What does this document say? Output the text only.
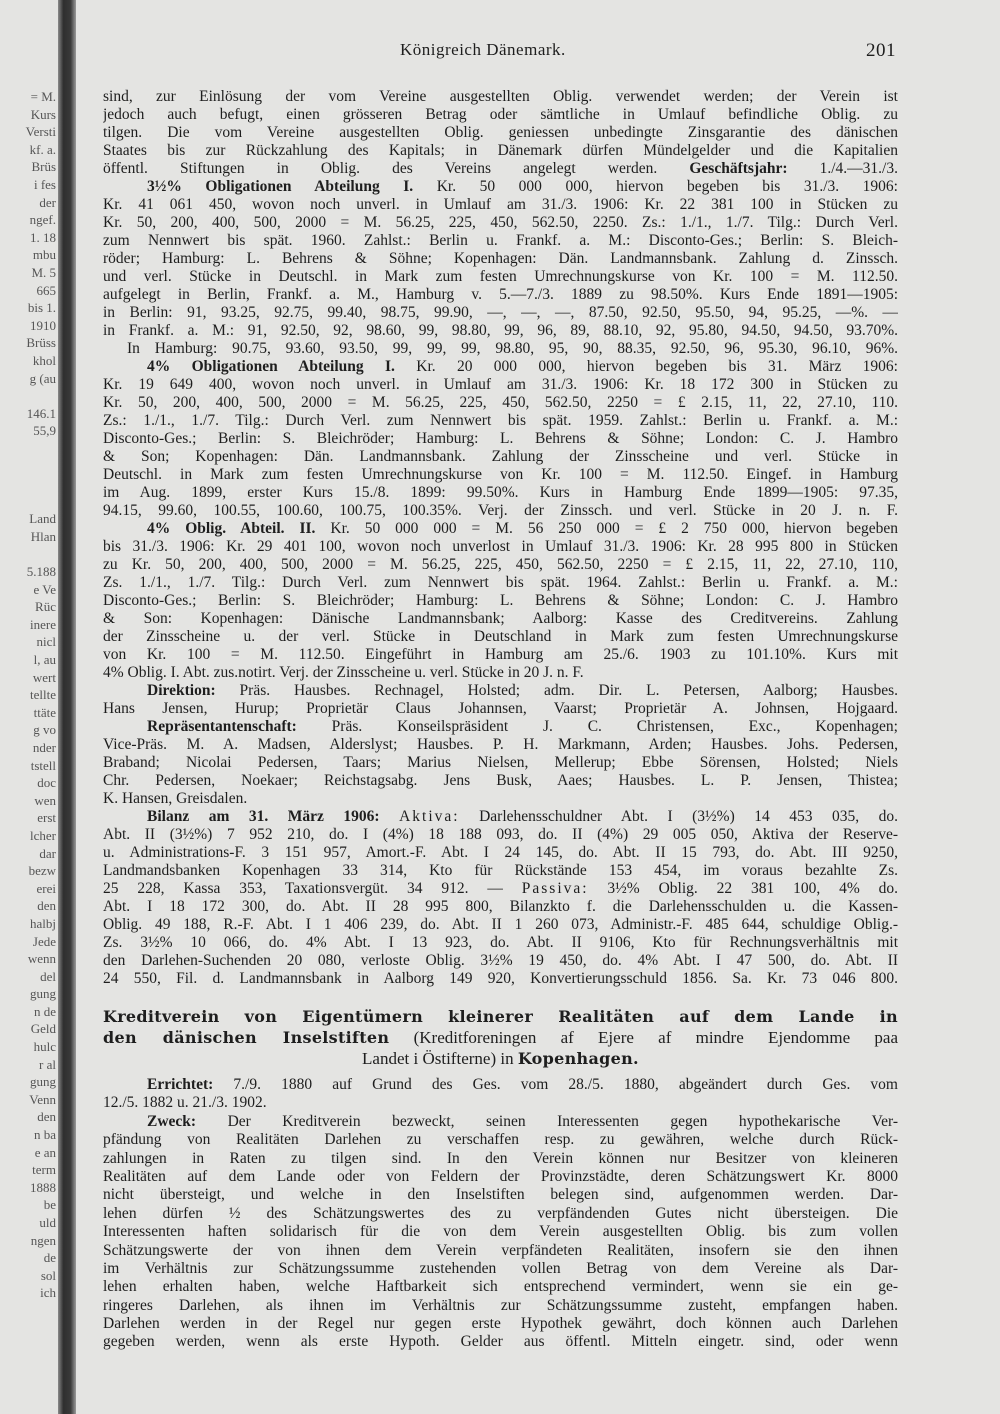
= M.
Kurs
Versti
kf. a.
Brüs
i fes
der
ngef.
1. 18
mbu
M. 5
665
bis 1.
1910
Brüss
khol
g (au
146.1
55,9
Land
Hlan
5.188
e Ve
Rüc
inere
nicl
l, au
wert
tellte
ttäte
g vo
nder
tstell
doc
wen
erst
lcher
dar
bezw
erei
den
halbj
Jede
wenn
del
gung
n de
Geld
hulc
r al
gung
Venn
den
n ba
e an
term
1888
be
uld
ngen
de
sol
ich
Königreich Dänemark.	201
sind, zur Einlösung der vom Vereine ausgestellten Oblig. verwendet werden; der Verein ist
jedoch auch befugt, einen grösseren Betrag oder sämtliche in Umlauf befindliche Oblig. zu
tilgen. Die vom Vereine ausgestellten Oblig. geniessen unbedingte Zinsgarantie des dänischen
Staates bis zur Rückzahlung des Kapitals; in Dänemark dürfen Mündelgelder und die Kapitalien
öffentl. Stiftungen in Oblig. des Vereins angelegt werden. Geschäftsjahr: 1./4.—31./3.
3½% Obligationen Abteilung I. Kr. 50 000 000, hiervon begeben bis 31./3. 1906:
Kr. 41 061 450, wovon noch unverl. in Umlauf am 31./3. 1906: Kr. 22 381 100 in Stücken zu
Kr. 50, 200, 400, 500, 2000 = M. 56.25, 225, 450, 562.50, 2250. Zs.: 1./1., 1./7. Tilg.: Durch Verl.
zum Nennwert bis spät. 1960. Zahlst.: Berlin u. Frankf. a. M.: Disconto-Ges.; Berlin: S. Bleich-
röder; Hamburg: L. Behrens & Söhne; Kopenhagen: Dän. Landmannsbank. Zahlung d. Zinssch.
und verl. Stücke in Deutschl. in Mark zum festen Umrechnungskurse von Kr. 100 = M. 112.50.
aufgelegt in Berlin, Frankf. a. M., Hamburg v. 5.—7./3. 1889 zu 98.50%. Kurs Ende 1891—1905:
in Berlin: 91, 93.25, 92.75, 99.40, 98.75, 99.90, —, —, —, 87.50, 92.50, 95.50, 94, 95.25, —%. —
in Frankf. a. M.: 91, 92.50, 92, 98.60, 99, 98.80, 99, 96, 89, 88.10, 92, 95.80, 94.50, 94.50, 93.70%.
In Hamburg: 90.75, 93.60, 93.50, 99, 99, 99, 98.80, 95, 90, 88.35, 92.50, 96, 95.30, 96.10, 96%.
4% Obligationen Abteilung I. Kr. 20 000 000, hiervon begeben bis 31. März 1906:
Kr. 19 649 400, wovon noch unverl. in Umlauf am 31./3. 1906: Kr. 18 172 300 in Stücken zu
Kr. 50, 200, 400, 500, 2000 = M. 56.25, 225, 450, 562.50, 2250 = £ 2.15, 11, 22, 27.10, 110.
Zs.: 1./1., 1./7. Tilg.: Durch Verl. zum Nennwert bis spät. 1959. Zahlst.: Berlin u. Frankf. a. M.:
Disconto-Ges.; Berlin: S. Bleichröder; Hamburg: L. Behrens & Söhne; London: C. J. Hambro
& Son; Kopenhagen: Dän. Landmannsbank. Zahlung der Zinsscheine und verl. Stücke in
Deutschl. in Mark zum festen Umrechnungskurse von Kr. 100 = M. 112.50. Eingef. in Hamburg
im Aug. 1899, erster Kurs 15./8. 1899: 99.50%. Kurs in Hamburg Ende 1899—1905: 97.35,
94.15, 99.60, 100.55, 100.60, 100.75, 100.35%. Verj. der Zinssch. und verl. Stücke in 20 J. n. F.
4% Oblig. Abteil. II. Kr. 50 000 000 = M. 56 250 000 = £ 2 750 000, hiervon begeben
bis 31./3. 1906: Kr. 29 401 100, wovon noch unverlost in Umlauf 31./3. 1906: Kr. 28 995 800 in Stücken
zu Kr. 50, 200, 400, 500, 2000 = M. 56.25, 225, 450, 562.50, 2250 = £ 2.15, 11, 22, 27.10, 110,
Zs. 1./1., 1./7. Tilg.: Durch Verl. zum Nennwert bis spät. 1964. Zahlst.: Berlin u. Frankf. a. M.:
Disconto-Ges.; Berlin: S. Bleichröder; Hamburg: L. Behrens & Söhne; London: C. J. Hambro
& Son: Kopenhagen: Dänische Landmannsbank; Aalborg: Kasse des Creditvereins. Zahlung
der Zinsscheine u. der verl. Stücke in Deutschland in Mark zum festen Umrechnungskurse
von Kr. 100 = M. 112.50. Eingeführt in Hamburg am 25./6. 1903 zu 101.10%. Kurs mit
4% Oblig. I. Abt. zus.notirt. Verj. der Zinsscheine u. verl. Stücke in 20 J. n. F.
Direktion: Präs. Hausbes. Rechnagel, Holsted; adm. Dir. L. Petersen, Aalborg; Hausbes.
Hans Jensen, Hurup; Proprietär Claus Johannsen, Vaarst; Proprietär A. Johnsen, Hojgaard.
Repräsentantenschaft: Präs. Konseilspräsident J. C. Christensen, Exc., Kopenhagen;
Vice-Präs. M. A. Madsen, Alderslyst; Hausbes. P. H. Markmann, Arden; Hausbes. Johs. Pedersen,
Braband; Nicolai Pedersen, Taars; Marius Nielsen, Mellerup; Ebbe Sörensen, Holsted; Niels
Chr. Pedersen, Noekaer; Reichstagsabg. Jens Busk, Aaes; Hausbes. L. P. Jensen, Thistea;
K. Hansen, Greisdalen.
Bilanz am 31. März 1906: Aktiva: Darlehensschuldner Abt. I (3½%) 14 453 035, do.
Abt. II (3½%) 7 952 210, do. I (4%) 18 188 093, do. II (4%) 29 005 050, Aktiva der Reserve-
u. Administrations-F. 3 151 957, Amort.-F. Abt. I 24 145, do. Abt. II 15 793, do. Abt. III 9250,
Landmandsbanken Kopenhagen 33 314, Kto für Rückstände 153 454, im voraus bezahlte Zs.
25 228, Kassa 353, Taxationsvergüt. 34 912. — Passiva: 3½% Oblig. 22 381 100, 4% do.
Abt. I 18 172 300, do. Abt. II 28 995 800, Bilanzkto f. die Darlehensschulden u. die Kassen-
Oblig. 49 188, R.-F. Abt. I 1 406 239, do. Abt. II 1 260 073, Administr.-F. 485 644, schuldige Oblig.-
Zs. 3½% 10 066, do. 4% Abt. I 13 923, do. Abt. II 9106, Kto für Rechnungsverhältnis mit
den Darlehen-Suchenden 20 080, verloste Oblig. 3½% 19 450, do. 4% Abt. I 47 500, do. Abt. II
24 550, Fil. d. Landmannsbank in Aalborg 149 920, Konvertierungsschuld 1856. Sa. Kr. 73 046 800.
Kreditverein von Eigentümern kleinerer Realitäten auf dem Lande in
den dänischen Inselstiften (Kreditforeningen af Ejere af mindre Ejendomme paa
Landet i Östifterne) in Kopenhagen.
Errichtet: 7./9. 1880 auf Grund des Ges. vom 28./5. 1880, abgeändert durch Ges. vom
12./5. 1882 u. 21./3. 1902.
Zweck: Der Kreditverein bezweckt, seinen Interessenten gegen hypothekarische Ver-
pfändung von Realitäten Darlehen zu verschaffen resp. zu gewähren, welche durch Rück-
zahlungen in Raten zu tilgen sind. In den Verein können nur Besitzer von kleineren
Realitäten auf dem Lande oder von Feldern der Provinzstädte, deren Schätzungswert Kr. 8000
nicht übersteigt, und welche in den Inselstiften belegen sind, aufgenommen werden. Dar-
lehen dürfen ½ des Schätzungswertes des zu verpfändenden Gutes nicht übersteigen. Die
Interessenten haften solidarisch für die von dem Verein ausgestellten Oblig. bis zum vollen
Schätzungswerte der von ihnen dem Verein verpfändeten Realitäten, insofern sie den ihnen
im Verhältnis zur Schätzungssumme zustehenden vollen Betrag von dem Vereine als Dar-
lehen erhalten haben, welche Haftbarkeit sich entsprechend vermindert, wenn sie ein ge-
ringeres Darlehen, als ihnen im Verhältnis zur Schätzungssumme zusteht, empfangen haben.
Darlehen werden in der Regel nur gegen erste Hypothek gewährt, doch können auch Darlehen
gegeben werden, wenn als erste Hypoth. Gelder aus öffentl. Mitteln eingetr. sind, oder wenn
